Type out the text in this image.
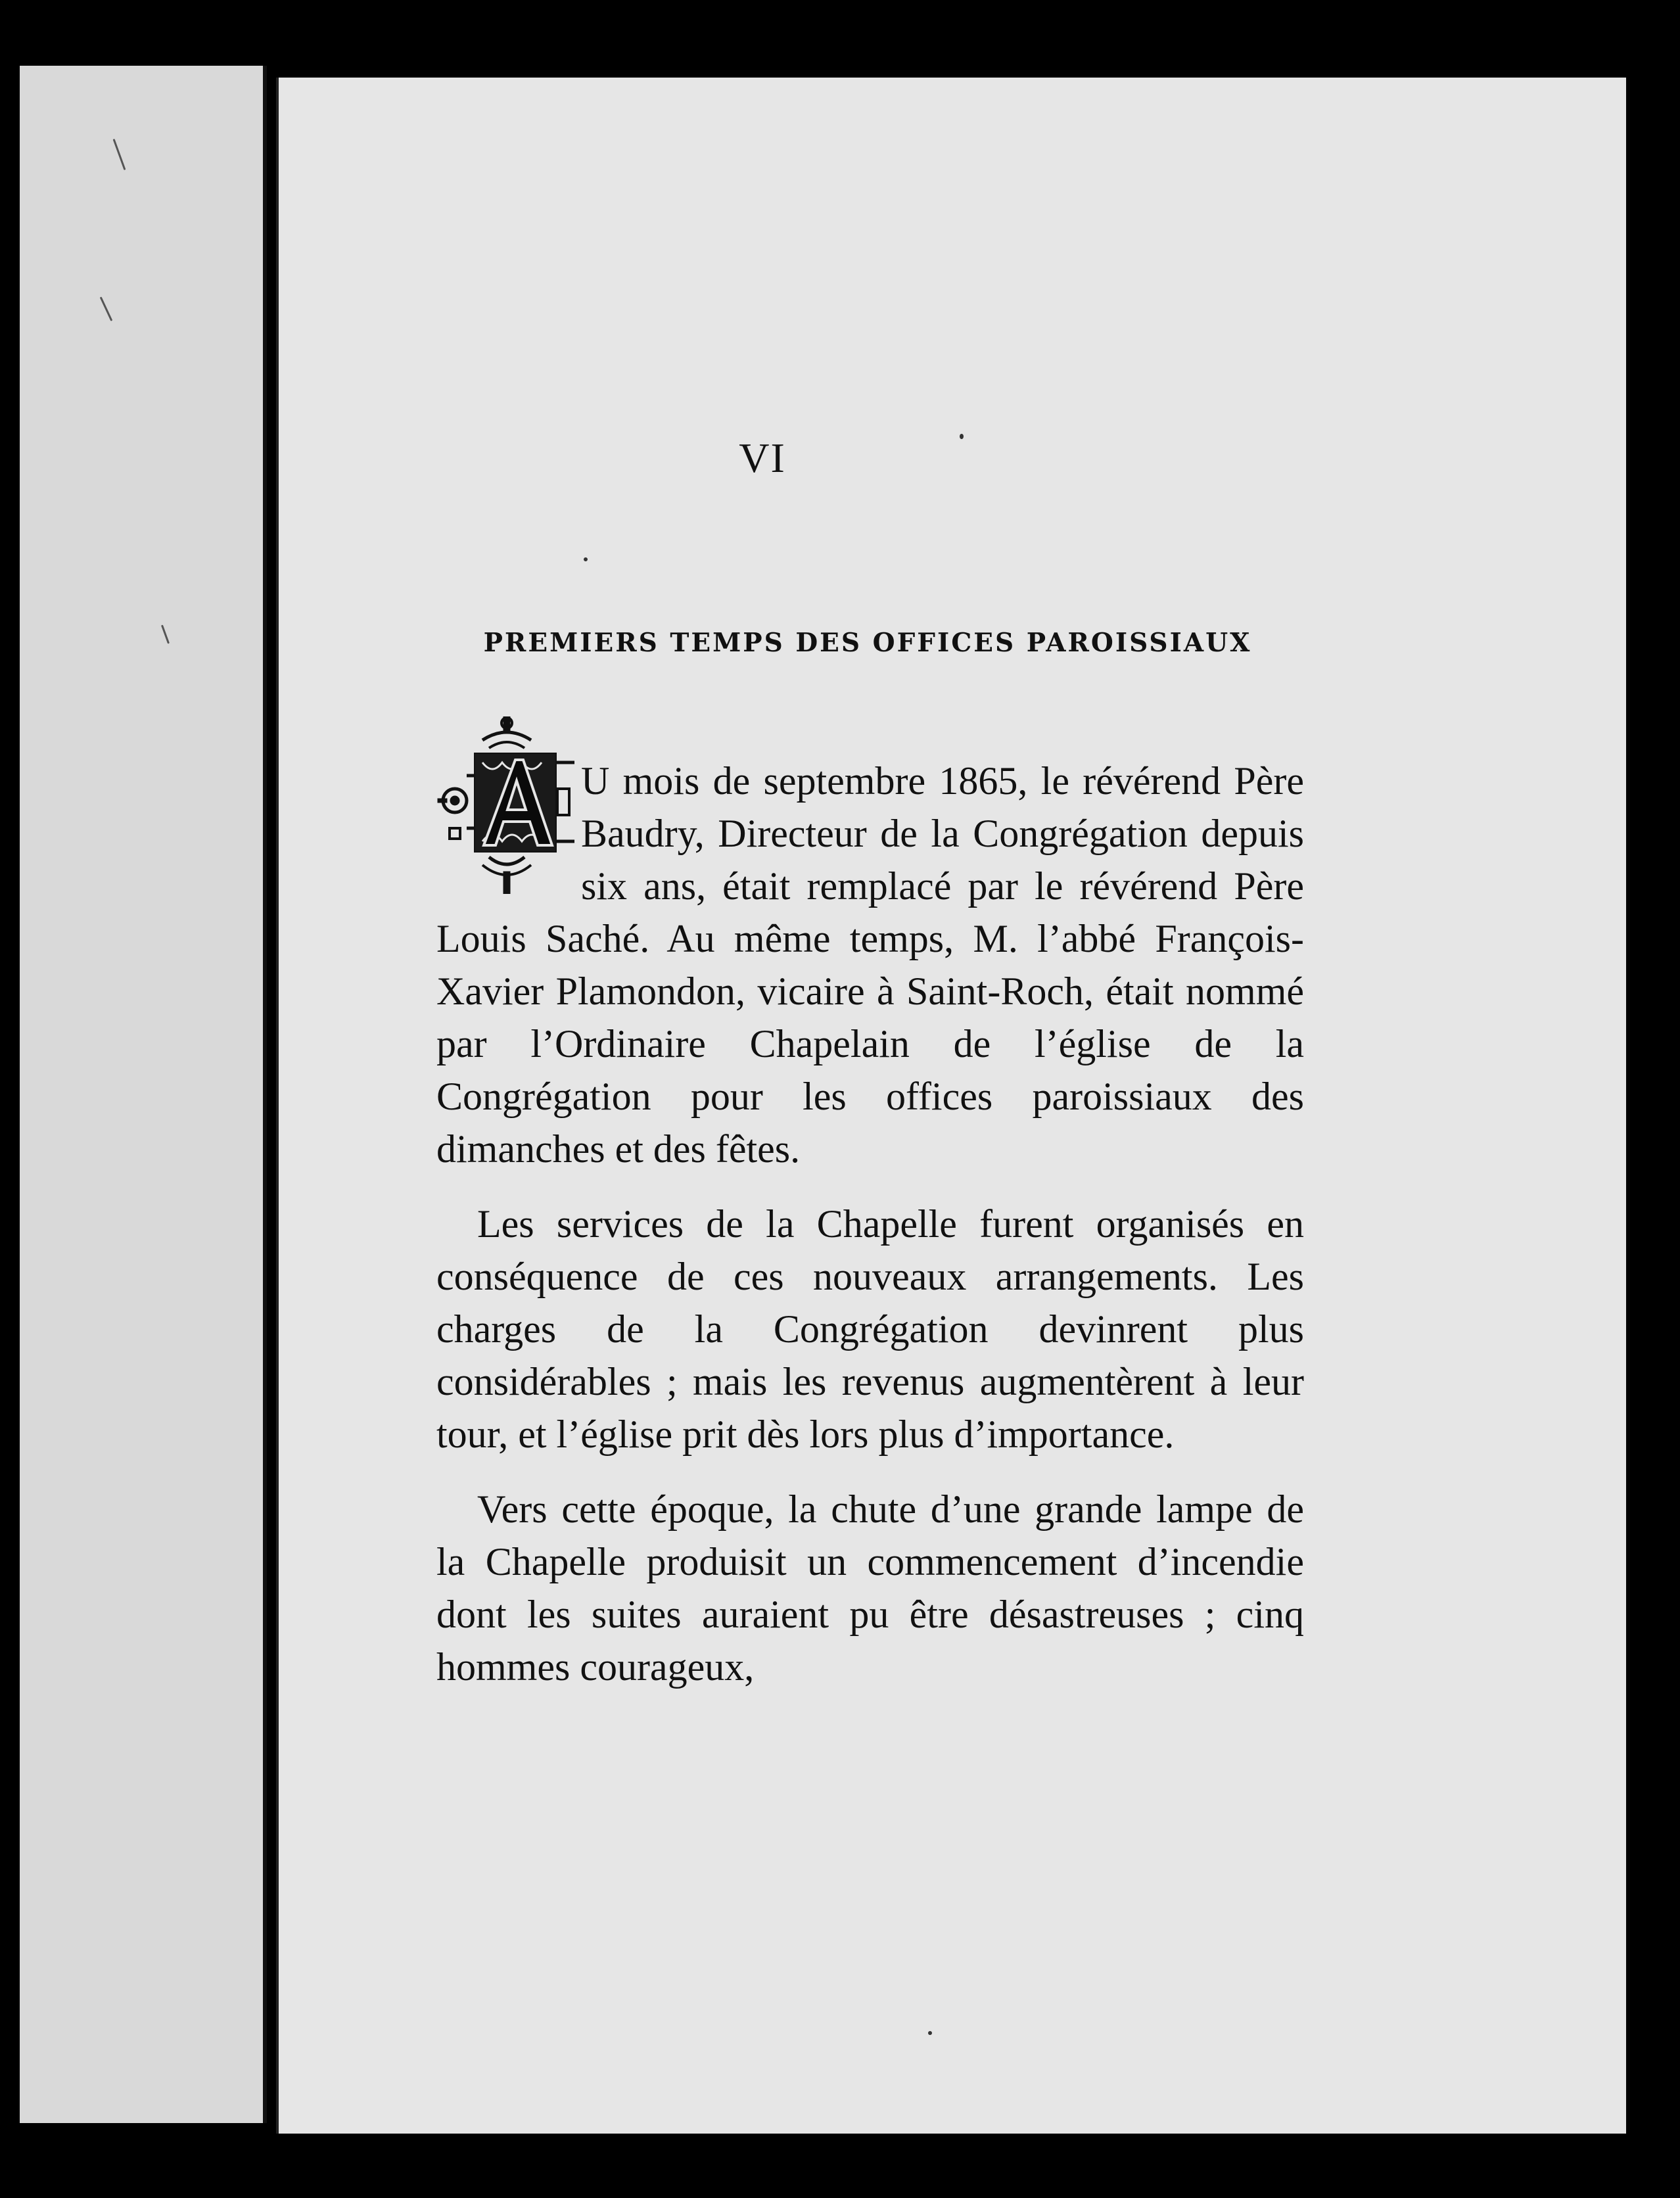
VI
PREMIERS TEMPS DES OFFICES PAROISSIAUX

U mois de septembre 1865, le révérend Père Baudry, Directeur de la Congrégation depuis six ans, était remplacé par le révérend Père Louis Saché. Au même temps, M. l’abbé François-Xavier Plamondon, vicaire à Saint-Roch, était nommé par l’Ordinaire Chapelain de l’église de la Congrégation pour les offices paroissiaux des dimanches et des fêtes.

Les services de la Chapelle furent organisés en conséquence de ces nouveaux arrangements. Les charges de la Congrégation devinrent plus considérables ; mais les revenus augmentèrent à leur tour, et l’église prit dès lors plus d’importance.

Vers cette époque, la chute d’une grande lampe de la Chapelle produisit un commencement d’incendie dont les suites auraient pu être désastreuses ; cinq hommes courageux,
